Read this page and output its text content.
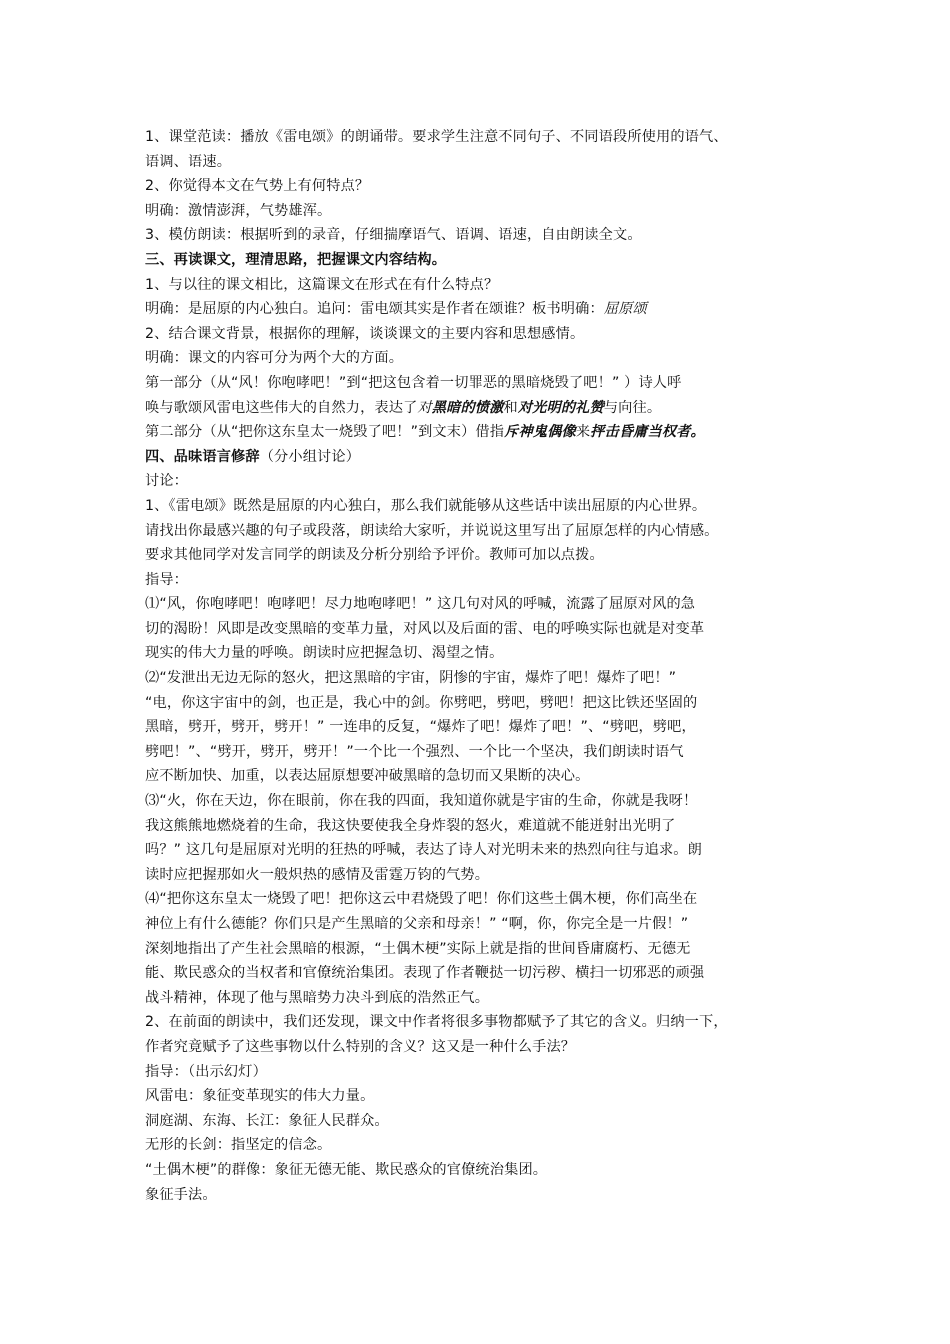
1、课堂范读：播放《雷电颂》的朗诵带。要求学生注意不同句子、不同语段所使用的语气、
语调、语速。
2、你觉得本文在气势上有何特点？
明确：激情澎湃，气势雄浑。
3、模仿朗读：根据听到的录音，仔细揣摩语气、语调、语速，自由朗读全文。
三、再读课文，理清思路，把握课文内容结构。
1、与以往的课文相比，这篇课文在形式在有什么特点？
明确：是屈原的内心独白。追问：雷电颂其实是作者在颂谁？板书明确：屈原颂
2、结合课文背景，根据你的理解，谈谈课文的主要内容和思想感情。
明确：课文的内容可分为两个大的方面。
第一部分（从“风！你咆哮吧！”到“把这包含着一切罪恶的黑暗烧毁了吧！” ）诗人呼
唤与歌颂风雷电这些伟大的自然力，表达了对黑暗的愤激和对光明的礼赞与向往。
第二部分（从“把你这东皇太一烧毁了吧！”到文末）借指斥神鬼偶像来抨击昏庸当权者。
四、品味语言修辞（分小组讨论）
讨论：
1、《雷电颂》既然是屈原的内心独白，那么我们就能够从这些话中读出屈原的内心世界。
请找出你最感兴趣的句子或段落，朗读给大家听，并说说这里写出了屈原怎样的内心情感。
要求其他同学对发言同学的朗读及分析分别给予评价。教师可加以点拨。
指导：
⑴“风，你咆哮吧！咆哮吧！尽力地咆哮吧！” 这几句对风的呼喊，流露了屈原对风的急
切的渴盼！风即是改变黑暗的变革力量，对风以及后面的雷、电的呼唤实际也就是对变革
现实的伟大力量的呼唤。朗读时应把握急切、渴望之情。
⑵“发泄出无边无际的怒火，把这黑暗的宇宙，阴惨的宇宙，爆炸了吧！爆炸了吧！”
“电，你这宇宙中的剑，也正是，我心中的剑。你劈吧，劈吧，劈吧！把这比铁还坚固的
黑暗，劈开，劈开，劈开！” 一连串的反复，“爆炸了吧！爆炸了吧！”、“劈吧，劈吧，
劈吧！”、“劈开，劈开，劈开！”一个比一个强烈、一个比一个坚决，我们朗读时语气
应不断加快、加重，以表达屈原想要冲破黑暗的急切而又果断的决心。
⑶“火，你在天边，你在眼前，你在我的四面，我知道你就是宇宙的生命，你就是我呀！
我这熊熊地燃烧着的生命，我这快要使我全身炸裂的怒火，难道就不能迸射出光明了
吗？” 这几句是屈原对光明的狂热的呼喊，表达了诗人对光明未来的热烈向往与追求。朗
读时应把握那如火一般炽热的感情及雷霆万钧的气势。
⑷“把你这东皇太一烧毁了吧！把你这云中君烧毁了吧！你们这些土偶木梗，你们高坐在
神位上有什么德能？你们只是产生黑暗的父亲和母亲！” “啊，你，你完全是一片假！”
深刻地指出了产生社会黑暗的根源，“土偶木梗”实际上就是指的世间昏庸腐朽、无德无
能、欺民惑众的当权者和官僚统治集团。表现了作者鞭挞一切污秽、横扫一切邪恶的顽强
战斗精神，体现了他与黑暗势力决斗到底的浩然正气。
2、在前面的朗读中，我们还发现，课文中作者将很多事物都赋予了其它的含义。归纳一下，
作者究竟赋予了这些事物以什么特别的含义？这又是一种什么手法？
指导：（出示幻灯）
风雷电：象征变革现实的伟大力量。
洞庭湖、东海、长江：象征人民群众。
无形的长剑：指坚定的信念。
“土偶木梗”的群像：象征无德无能、欺民惑众的官僚统治集团。
象征手法。
